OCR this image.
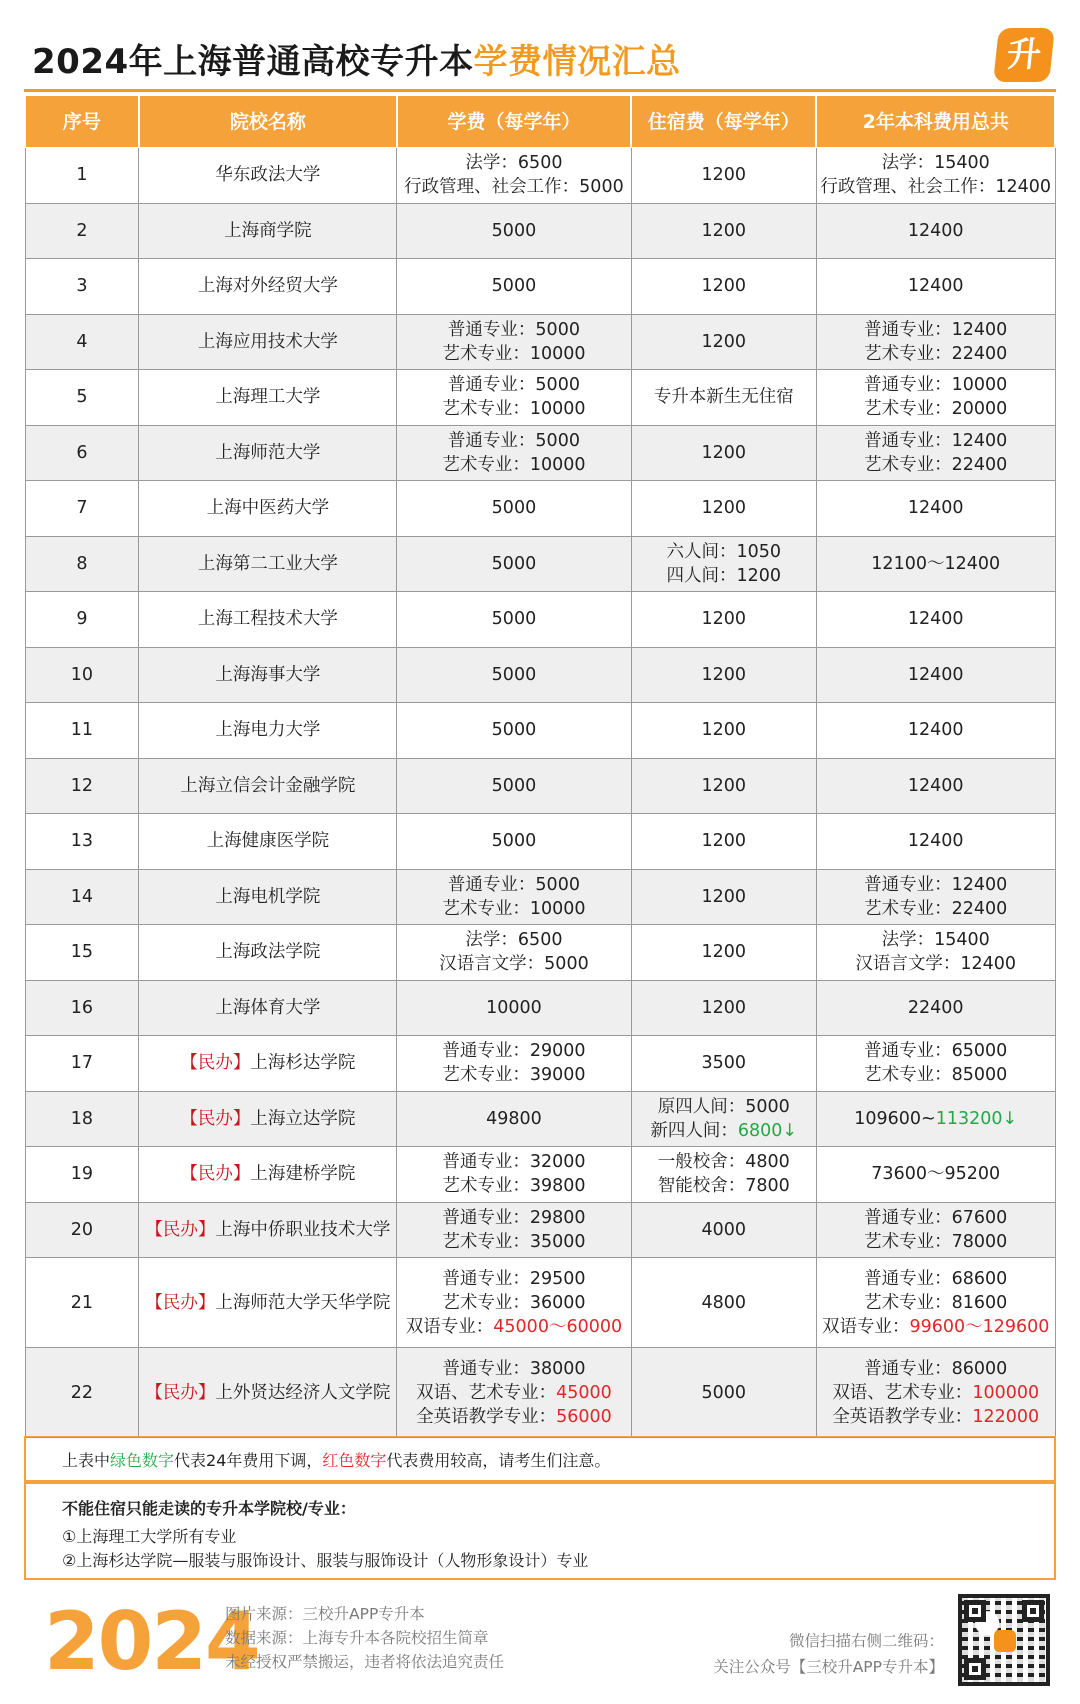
2024年上海普通高校专升本学费情况汇总	升
序号	院校名称	学费（每学年）	住宿费（每学年）	2年本科费用总共
1	华东政法大学	法学：6500
行政管理、社会工作：5000	1200	法学：15400
行政管理、社会工作：12400

2	上海商学院	5000	1200	12400

3	上海对外经贸大学	5000	1200	12400

4	上海应用技术大学	普通专业：5000
艺术专业：10000	1200	普通专业：12400
艺术专业：22400

5	上海理工大学	普通专业：5000
艺术专业：10000	专升本新生无住宿	普通专业：10000
艺术专业：20000

6	上海师范大学	普通专业：5000
艺术专业：10000	1200	普通专业：12400
艺术专业：22400

7	上海中医药大学	5000	1200	12400

8	上海第二工业大学	5000	六人间：1050
四人间：1200	12100～12400

9	上海工程技术大学	5000	1200	12400

10	上海海事大学	5000	1200	12400

11	上海电力大学	5000	1200	12400

12	上海立信会计金融学院	5000	1200	12400

13	上海健康医学院	5000	1200	12400

14	上海电机学院	普通专业：5000
艺术专业：10000	1200	普通专业：12400
艺术专业：22400

15	上海政法学院	法学：6500
汉语言文学：5000	1200	法学：15400
汉语言文学：12400

16	上海体育大学	10000	1200	22400

17	【民办】上海杉达学院	普通专业：29000
艺术专业：39000	3500	普通专业：65000
艺术专业：85000

18	【民办】上海立达学院	49800	原四人间：5000
新四人间：6800↓	109600~113200↓

19	【民办】上海建桥学院	普通专业：32000
艺术专业：39800	一般校舍：4800
智能校舍：7800	73600～95200

20	【民办】上海中侨职业技术大学	普通专业：29800
艺术专业：35000	4000	普通专业：67600
艺术专业：78000

21	【民办】上海师范大学天华学院	普通专业：29500
艺术专业：36000
双语专业：45000～60000	4800	普通专业：68600
艺术专业：81600
双语专业：99600～129600

22	【民办】上外贤达经济人文学院	普通专业：38000
双语、艺术专业：45000
全英语教学专业：56000	5000	普通专业：86000
双语、艺术专业：100000
全英语教学专业：122000
上表中绿色数字代表24年费用下调，红色数字代表费用较高，请考生们注意。
不能住宿只能走读的专升本学院校/专业：
①上海理工大学所有专业
②上海杉达学院—服装与服饰设计、服装与服饰设计（人物形象设计）专业
2024
图片来源：三校升APP专升本
数据来源：上海专升本各院校招生简章
未经授权严禁搬运，违者将依法追究责任
微信扫描右侧二维码：
关注公众号【三校升APP专升本】
